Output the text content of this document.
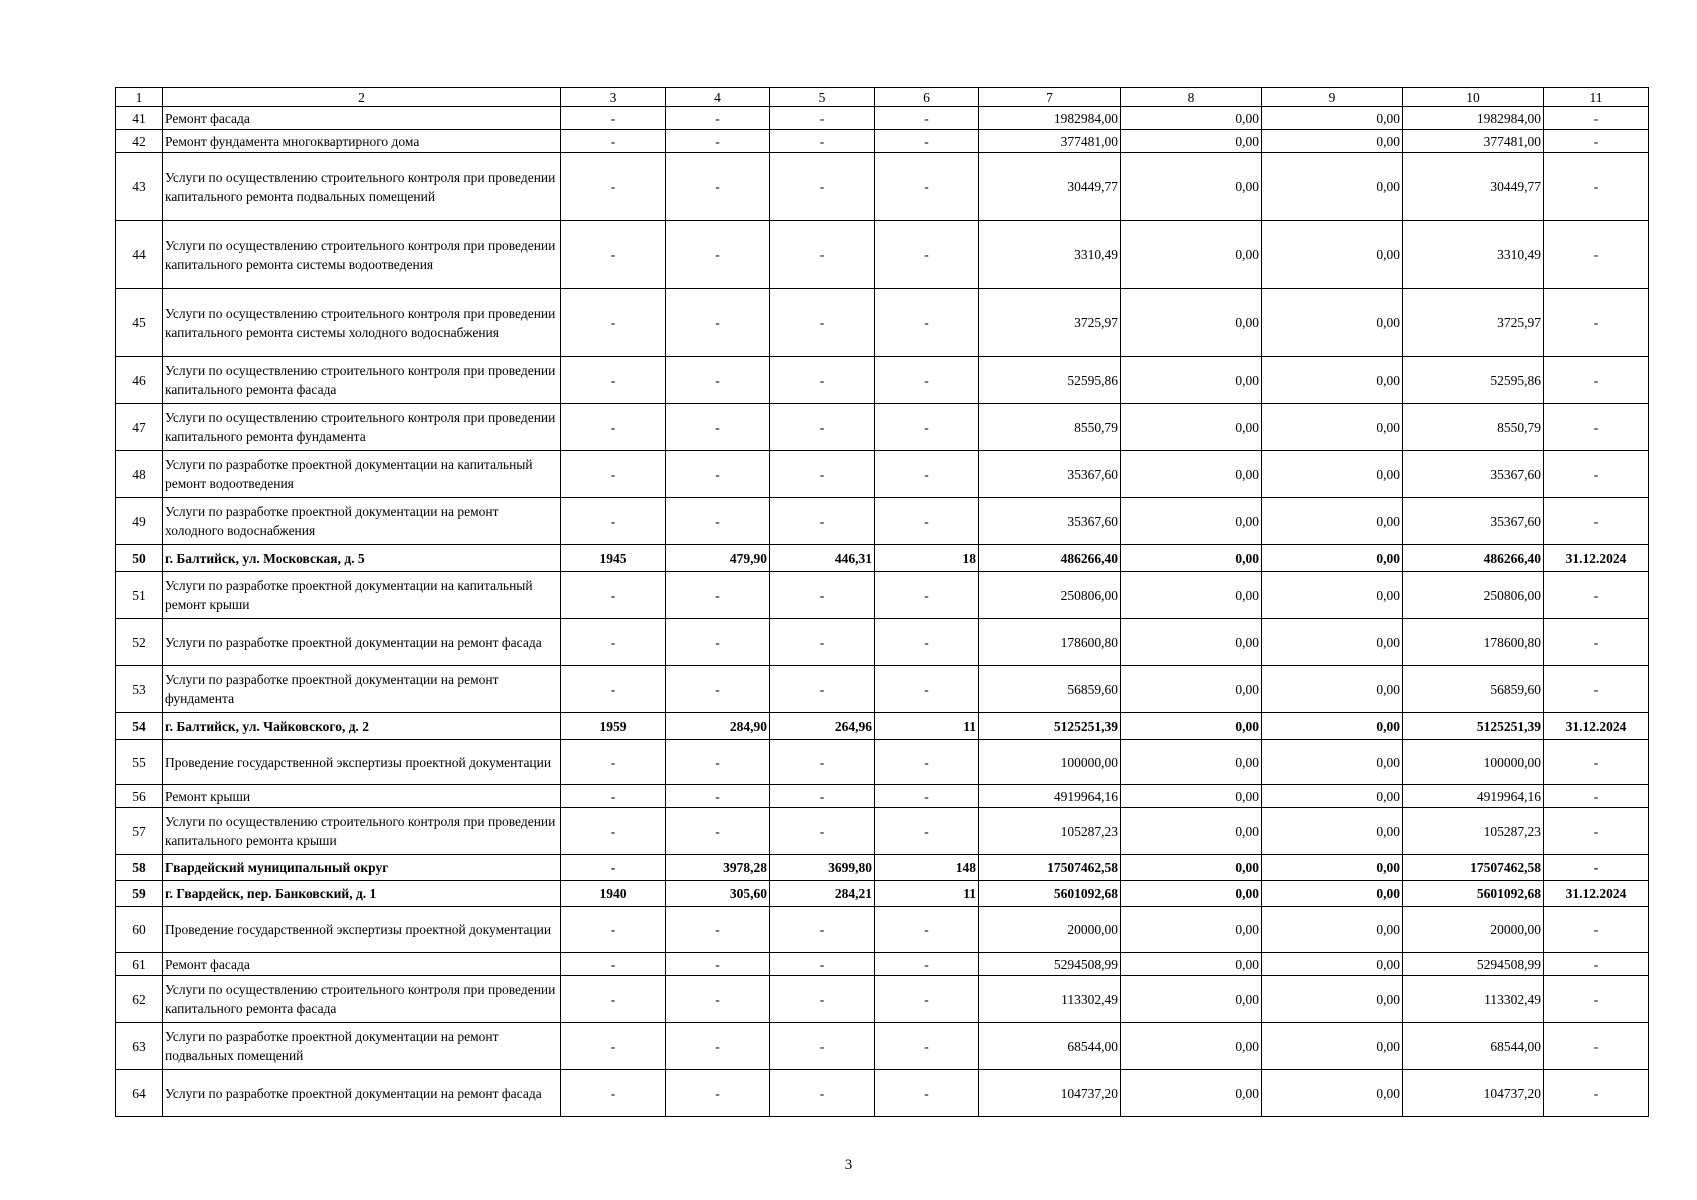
1	2	3	4	5	6	7	8	9	10	11
41	Ремонт фасада	-	-	-	-	1982984,00	0,00	0,00	1982984,00	-
42	Ремонт фундамента многоквартирного дома	-	-	-	-	377481,00	0,00	0,00	377481,00	-
43	Услуги по осуществлению строительного контроля при проведении капитального ремонта подвальных помещений	-	-	-	-	30449,77	0,00	0,00	30449,77	-
44	Услуги по осуществлению строительного контроля при проведении капитального ремонта системы водоотведения	-	-	-	-	3310,49	0,00	0,00	3310,49	-
45	Услуги по осуществлению строительного контроля при проведении капитального ремонта системы холодного водоснабжения	-	-	-	-	3725,97	0,00	0,00	3725,97	-
46	Услуги по осуществлению строительного контроля при проведении капитального ремонта фасада	-	-	-	-	52595,86	0,00	0,00	52595,86	-
47	Услуги по осуществлению строительного контроля при проведении капитального ремонта фундамента	-	-	-	-	8550,79	0,00	0,00	8550,79	-
48	Услуги по разработке проектной документации на капитальный ремонт водоотведения	-	-	-	-	35367,60	0,00	0,00	35367,60	-
49	Услуги по разработке проектной документации на ремонт холодного водоснабжения	-	-	-	-	35367,60	0,00	0,00	35367,60	-
50	г. Балтийск, ул. Московская, д. 5	1945	479,90	446,31	18	486266,40	0,00	0,00	486266,40	31.12.2024
51	Услуги по разработке проектной документации на капитальный ремонт крыши	-	-	-	-	250806,00	0,00	0,00	250806,00	-
52	Услуги по разработке проектной документации на ремонт фасада	-	-	-	-	178600,80	0,00	0,00	178600,80	-
53	Услуги по разработке проектной документации на ремонт фундамента	-	-	-	-	56859,60	0,00	0,00	56859,60	-
54	г. Балтийск, ул. Чайковского, д. 2	1959	284,90	264,96	11	5125251,39	0,00	0,00	5125251,39	31.12.2024
55	Проведение государственной экспертизы проектной документации	-	-	-	-	100000,00	0,00	0,00	100000,00	-
56	Ремонт крыши	-	-	-	-	4919964,16	0,00	0,00	4919964,16	-
57	Услуги по осуществлению строительного контроля при проведении капитального ремонта крыши	-	-	-	-	105287,23	0,00	0,00	105287,23	-
58	Гвардейский муниципальный округ	-	3978,28	3699,80	148	17507462,58	0,00	0,00	17507462,58	-
59	г. Гвардейск, пер. Банковский, д. 1	1940	305,60	284,21	11	5601092,68	0,00	0,00	5601092,68	31.12.2024
60	Проведение государственной экспертизы проектной документации	-	-	-	-	20000,00	0,00	0,00	20000,00	-
61	Ремонт фасада	-	-	-	-	5294508,99	0,00	0,00	5294508,99	-
62	Услуги по осуществлению строительного контроля при проведении капитального ремонта фасада	-	-	-	-	113302,49	0,00	0,00	113302,49	-
63	Услуги по разработке проектной документации на ремонт подвальных помещений	-	-	-	-	68544,00	0,00	0,00	68544,00	-
64	Услуги по разработке проектной документации на ремонт фасада	-	-	-	-	104737,20	0,00	0,00	104737,20	-
3
